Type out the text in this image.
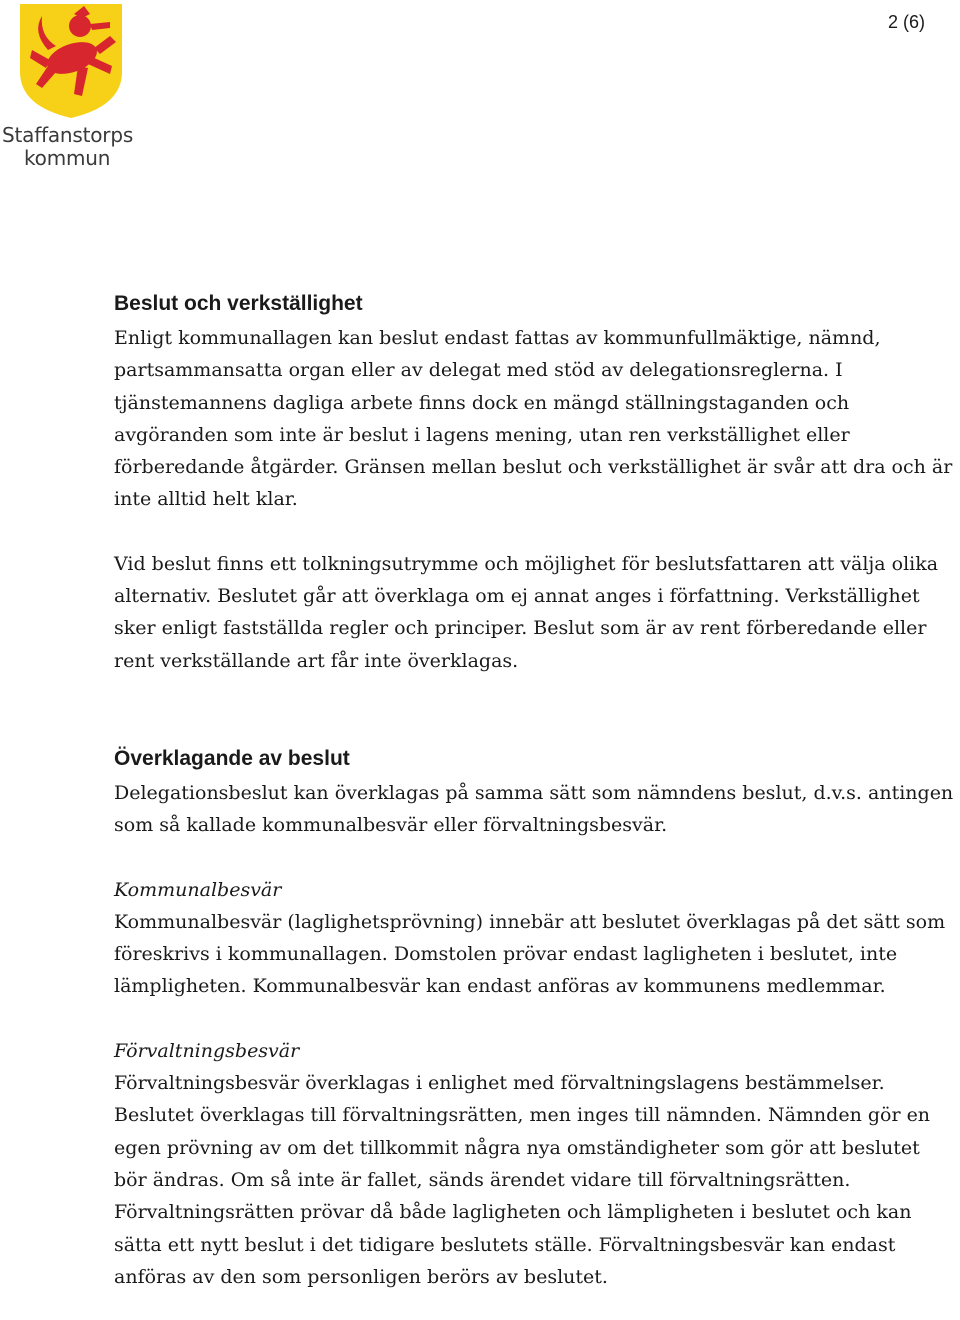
Staffanstorps
kommun
2 (6)
Beslut och verkställighet

Enligt kommunallagen kan beslut endast fattas av kommunfullmäktige, nämnd, partsammansatta organ eller av delegat med stöd av delegationsreglerna. I tjänstemannens dagliga arbete finns dock en mängd ställningstaganden och avgöranden som inte är beslut i lagens mening, utan ren verkställighet eller förberedande åtgärder. Gränsen mellan beslut och verkställighet är svår att dra och är inte alltid helt klar.

Vid beslut finns ett tolkningsutrymme och möjlighet för beslutsfattaren att välja olika alternativ. Beslutet går att överklaga om ej annat anges i författning. Verkställighet sker enligt fastställda regler och principer. Beslut som är av rent förberedande eller rent verkställande art får inte överklagas.

Överklagande av beslut

Delegationsbeslut kan överklagas på samma sätt som nämndens beslut, d.v.s. antingen som så kallade kommunalbesvär eller förvaltningsbesvär.

Kommunalbesvär

Kommunalbesvär (laglighetsprövning) innebär att beslutet överklagas på det sätt som föreskrivs i kommunallagen. Domstolen prövar endast lagligheten i beslutet, inte lämpligheten. Kommunalbesvär kan endast anföras av kommunens medlemmar.

Förvaltningsbesvär

Förvaltningsbesvär överklagas i enlighet med förvaltningslagens bestämmelser. Beslutet överklagas till förvaltningsrätten, men inges till nämnden. Nämnden gör en egen prövning av om det tillkommit några nya omständigheter som gör att beslutet bör ändras. Om så inte är fallet, sänds ärendet vidare till förvaltningsrätten. Förvaltningsrätten prövar då både lagligheten och lämpligheten i beslutet och kan sätta ett nytt beslut i det tidigare beslutets ställe. Förvaltningsbesvär kan endast anföras av den som personligen berörs av beslutet.
